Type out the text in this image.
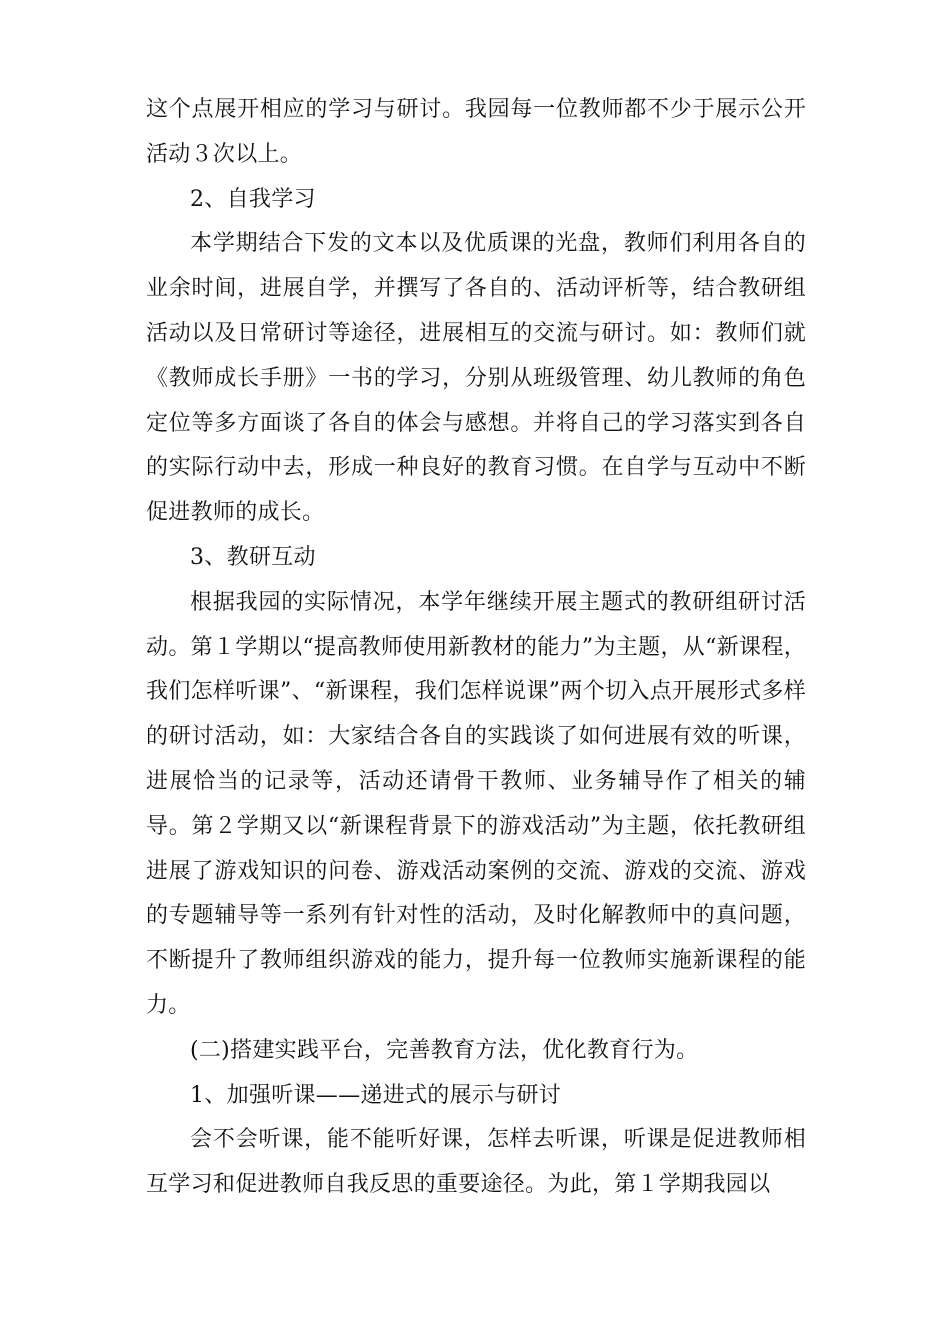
这个点展开相应的学习与研讨。我园每一位教师都不少于展示公开活动３次以上。

2、自我学习

本学期结合下发的文本以及优质课的光盘，教师们利用各自的业余时间，进展自学，并撰写了各自的、活动评析等，结合教研组活动以及日常研讨等途径，进展相互的交流与研讨。如：教师们就《教师成长手册》一书的学习，分别从班级管理、幼儿教师的角色定位等多方面谈了各自的体会与感想。并将自己的学习落实到各自的实际行动中去，形成一种良好的教育习惯。在自学与互动中不断促进教师的成长。

3、教研互动

根据我园的实际情况，本学年继续开展主题式的教研组研讨活动。第１学期以“提高教师使用新教材的能力”为主题，从“新课程，我们怎样听课”、“新课程，我们怎样说课”两个切入点开展形式多样的研讨活动，如：大家结合各自的实践谈了如何进展有效的听课，进展恰当的记录等，活动还请骨干教师、业务辅导作了相关的辅导。第２学期又以“新课程背景下的游戏活动”为主题，依托教研组进展了游戏知识的问卷、游戏活动案例的交流、游戏的交流、游戏的专题辅导等一系列有针对性的活动，及时化解教师中的真问题，不断提升了教师组织游戏的能力，提升每一位教师实施新课程的能力。

(二)搭建实践平台，完善教育方法，优化教育行为。

1、加强听课——递进式的展示与研讨

会不会听课，能不能听好课，怎样去听课，听课是促进教师相互学习和促进教师自我反思的重要途径。为此，第１学期我园以
